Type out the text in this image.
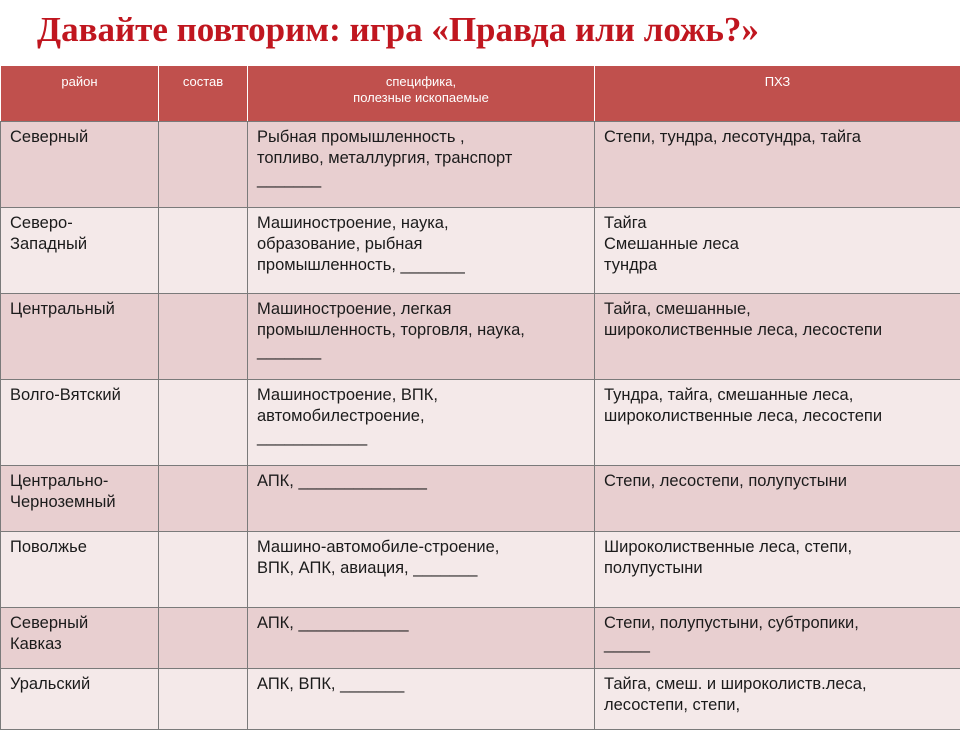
Давайте повторим: игра «Правда или ложь?»
район	состав	специфика,
полезные ископаемые	ПХЗ

Северный		Рыбная промышленность ,
топливо, металлургия, транспорт
_______	Степи, тундра, лесотундра, тайга

Северо-
Западный		Машиностроение, наука,
образование, рыбная
промышленность, _______	Тайга
Смешанные леса
тундра

Центральный		Машиностроение, легкая
промышленность, торговля, наука,
_______	Тайга, смешанные,
широколиственные леса, лесостепи

Волго-Вятский		Машиностроение, ВПК,
автомобилестроение,
____________	Тундра, тайга, смешанные леса,
широколиственные леса, лесостепи

Центрально-
Черноземный		АПК, ______________	Степи, лесостепи, полупустыни

Поволжье		Машино-автомобиле-строение,
ВПК, АПК, авиация, _______	Широколиственные леса, степи,
полупустыни

Северный
Кавказ		АПК, ____________	Степи, полупустыни, субтропики,
_____

Уральский		АПК, ВПК, _______	Тайга, смеш. и широколиств.леса,
лесостепи, степи,
